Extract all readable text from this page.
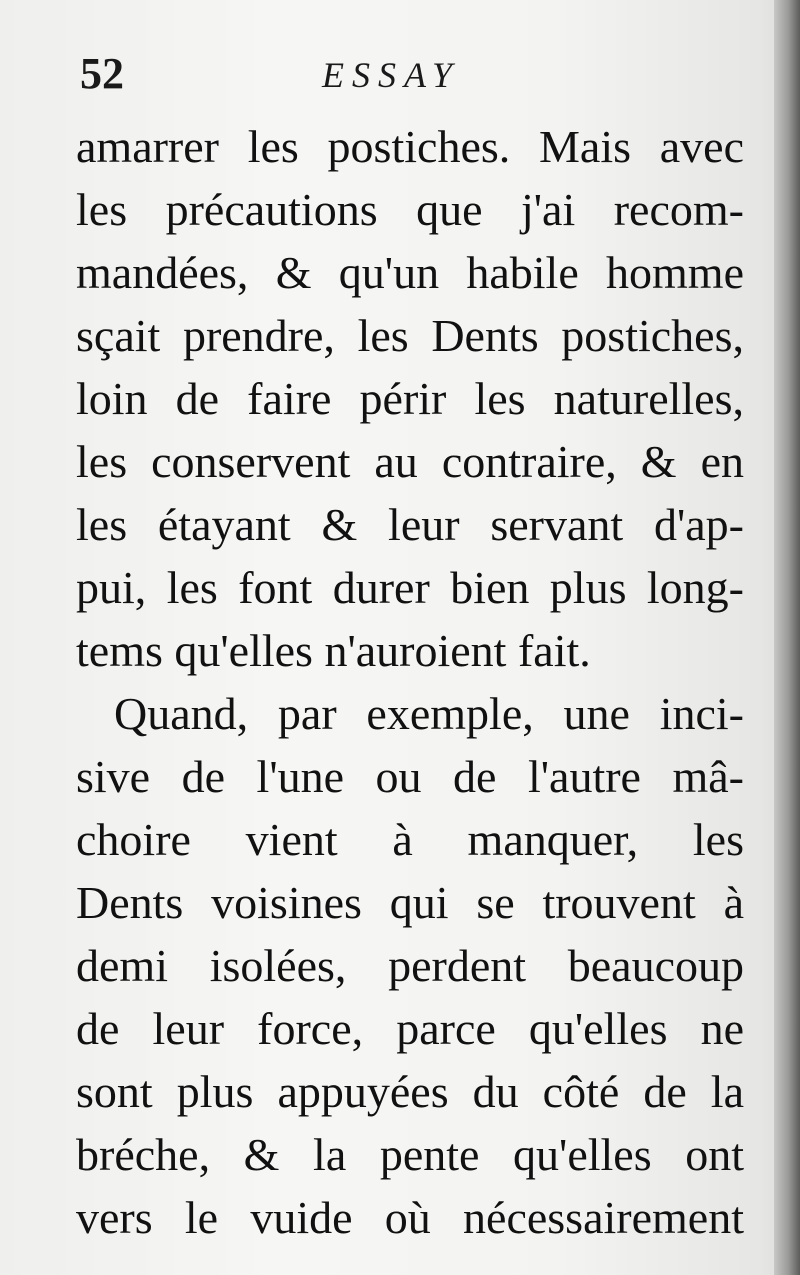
52	ESSAY
amarrer les postiches. Mais avec
les précautions que j'ai recom-
mandées, & qu'un habile homme
sçait prendre, les Dents postiches,
loin de faire périr les naturelles,
les conservent au contraire, & en
les étayant & leur servant d'ap-
pui, les font durer bien plus long-
tems qu'elles n'auroient fait.
Quand, par exemple, une inci-
sive de l'une ou de l'autre mâ-
choire vient à manquer, les
Dents voisines qui se trouvent à
demi isolées, perdent beaucoup
de leur force, parce qu'elles ne
sont plus appuyées du côté de la
bréche, & la pente qu'elles ont
vers le vuide où nécessairement
